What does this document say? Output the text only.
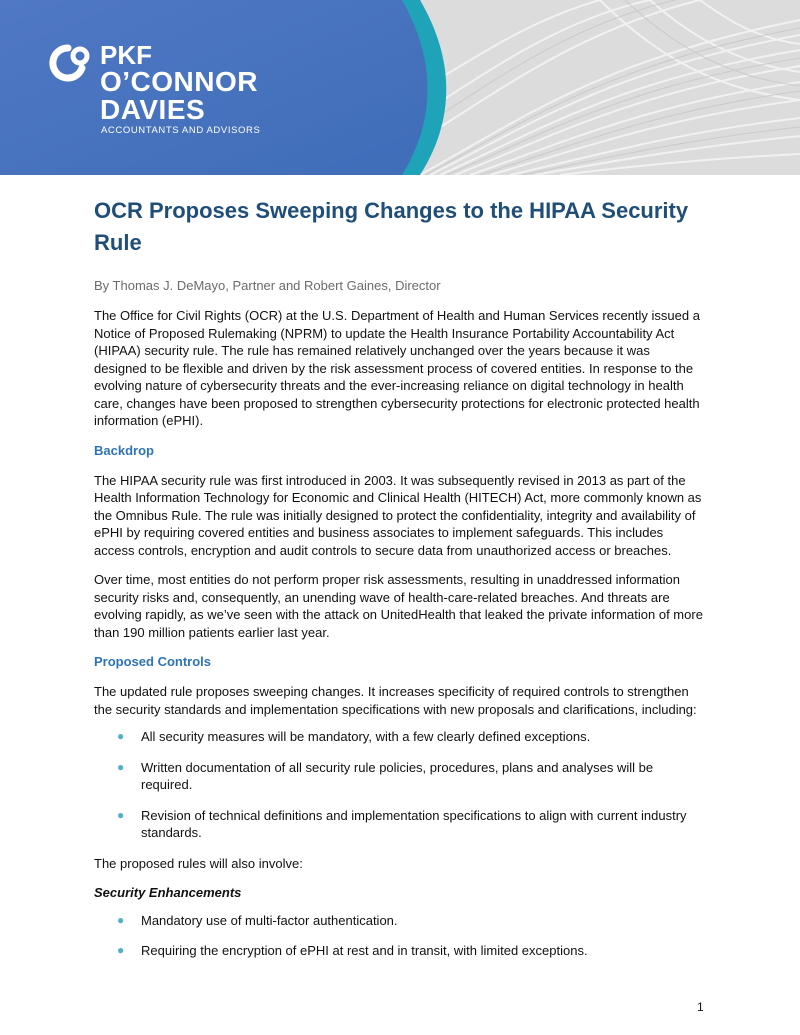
PKF
O’CONNOR
DAVIES
ACCOUNTANTS AND ADVISORS
OCR Proposes Sweeping Changes to the HIPAA Security Rule

By Thomas J. DeMayo, Partner and Robert Gaines, Director

The Office for Civil Rights (OCR) at the U.S. Department of Health and Human Services recently issued a Notice of Proposed Rulemaking (NPRM) to update the Health Insurance Portability Accountability Act (HIPAA) security rule. The rule has remained relatively unchanged over the years because it was designed to be flexible and driven by the risk assessment process of covered entities. In response to the evolving nature of cybersecurity threats and the ever-increasing reliance on digital technology in health care, changes have been proposed to strengthen cybersecurity protections for electronic protected health information (ePHI).

Backdrop

The HIPAA security rule was first introduced in 2003. It was subsequently revised in 2013 as part of the Health Information Technology for Economic and Clinical Health (HITECH) Act, more commonly known as the Omnibus Rule. The rule was initially designed to protect the confidentiality, integrity and availability of ePHI by requiring covered entities and business associates to implement safeguards. This includes access controls, encryption and audit controls to secure data from unauthorized access or breaches.

Over time, most entities do not perform proper risk assessments, resulting in unaddressed information security risks and, consequently, an unending wave of health-care-related breaches. And threats are evolving rapidly, as we’ve seen with the attack on UnitedHealth that leaked the private information of more than 190 million patients earlier last year.

Proposed Controls

The updated rule proposes sweeping changes. It increases specificity of required controls to strengthen the security standards and implementation specifications with new proposals and clarifications, including:

● All security measures will be mandatory, with a few clearly defined exceptions.
● Written documentation of all security rule policies, procedures, plans and analyses will be required.
● Revision of technical definitions and implementation specifications to align with current industry standards.

The proposed rules will also involve:

Security Enhancements

● Mandatory use of multi-factor authentication.
● Requiring the encryption of ePHI at rest and in transit, with limited exceptions.
1
